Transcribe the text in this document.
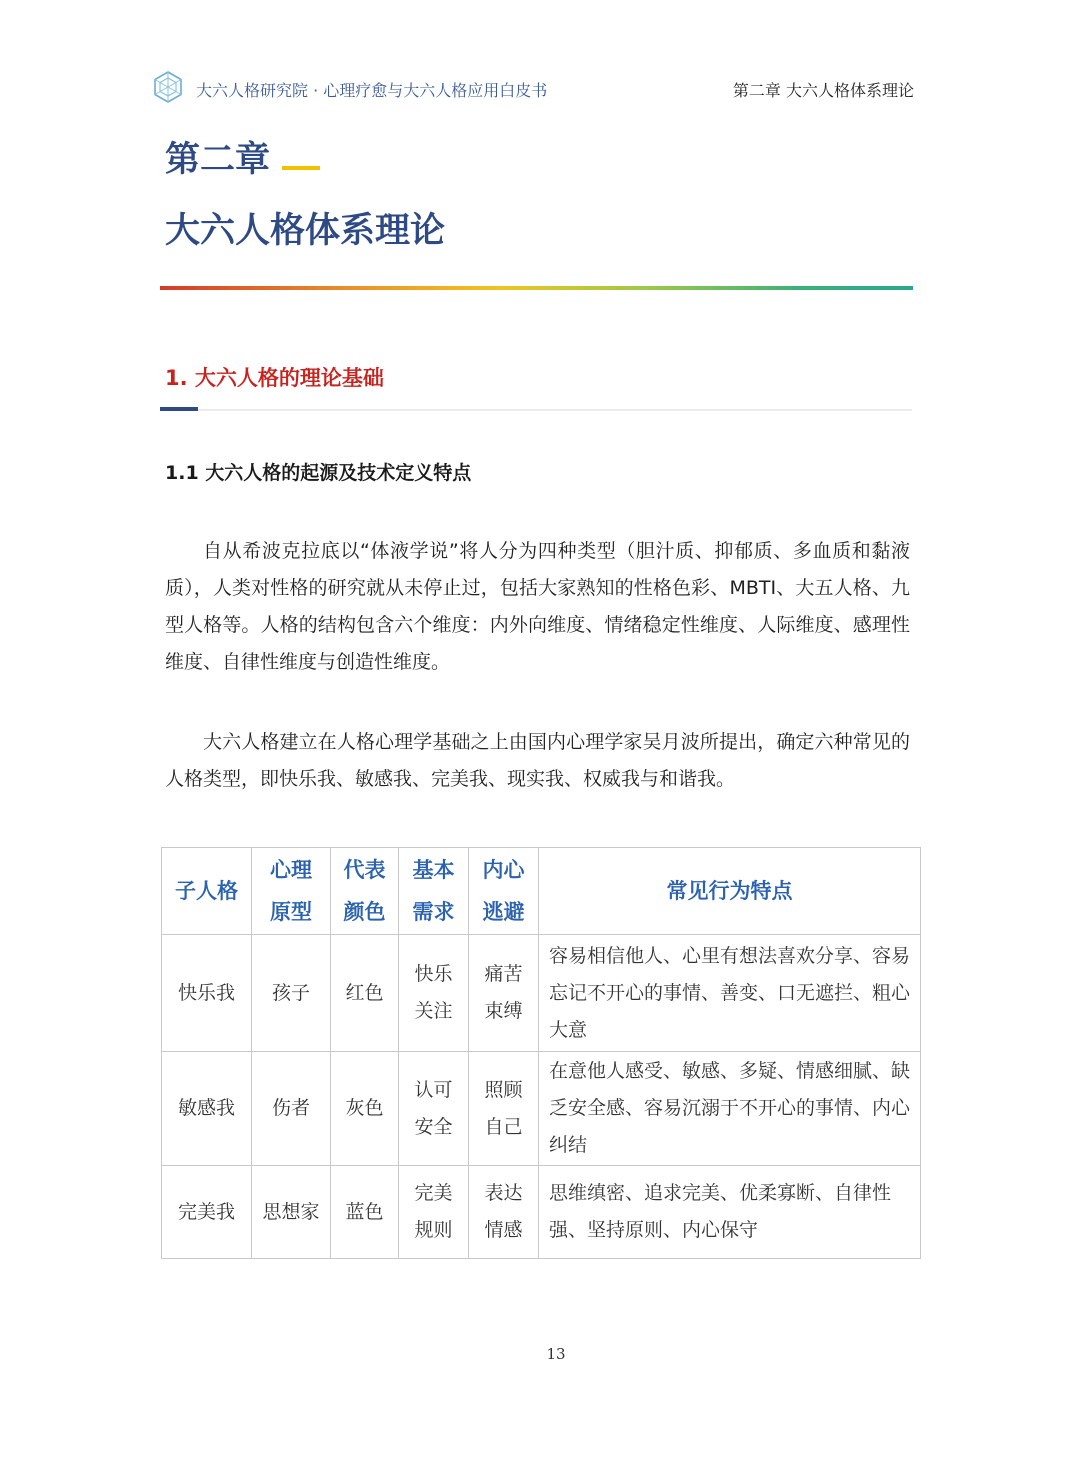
大六人格研究院 · 心理疗愈与大六人格应用白皮书	第二章 大六人格体系理论
第二章
大六人格体系理论
1. 大六人格的理论基础
1.1 大六人格的起源及技术定义特点

自从希波克拉底以“体液学说”将人分为四种类型（胆汁质、抑郁质、多血质和黏液质），人类对性格的研究就从未停止过，包括大家熟知的性格色彩、MBTI、大五人格、九型人格等。人格的结构包含六个维度：内外向维度、情绪稳定性维度、人际维度、感理性维度、自律性维度与创造性维度。

大六人格建立在人格心理学基础之上由国内心理学家吴月波所提出，确定六种常见的人格类型，即快乐我、敏感我、完美我、现实我、权威我与和谐我。

子人格	心理原型	代表颜色	基本需求	内心逃避	常见行为特点
快乐我	孩子	红色	快乐关注	痛苦束缚	容易相信他人、心里有想法喜欢分享、容易忘记不开心的事情、善变、口无遮拦、粗心大意
敏感我	伤者	灰色	认可安全	照顾自己	在意他人感受、敏感、多疑、情感细腻、缺乏安全感、容易沉溺于不开心的事情、内心纠结
完美我	思想家	蓝色	完美规则	表达情感	思维缜密、追求完美、优柔寡断、自律性强、坚持原则、内心保守
13
